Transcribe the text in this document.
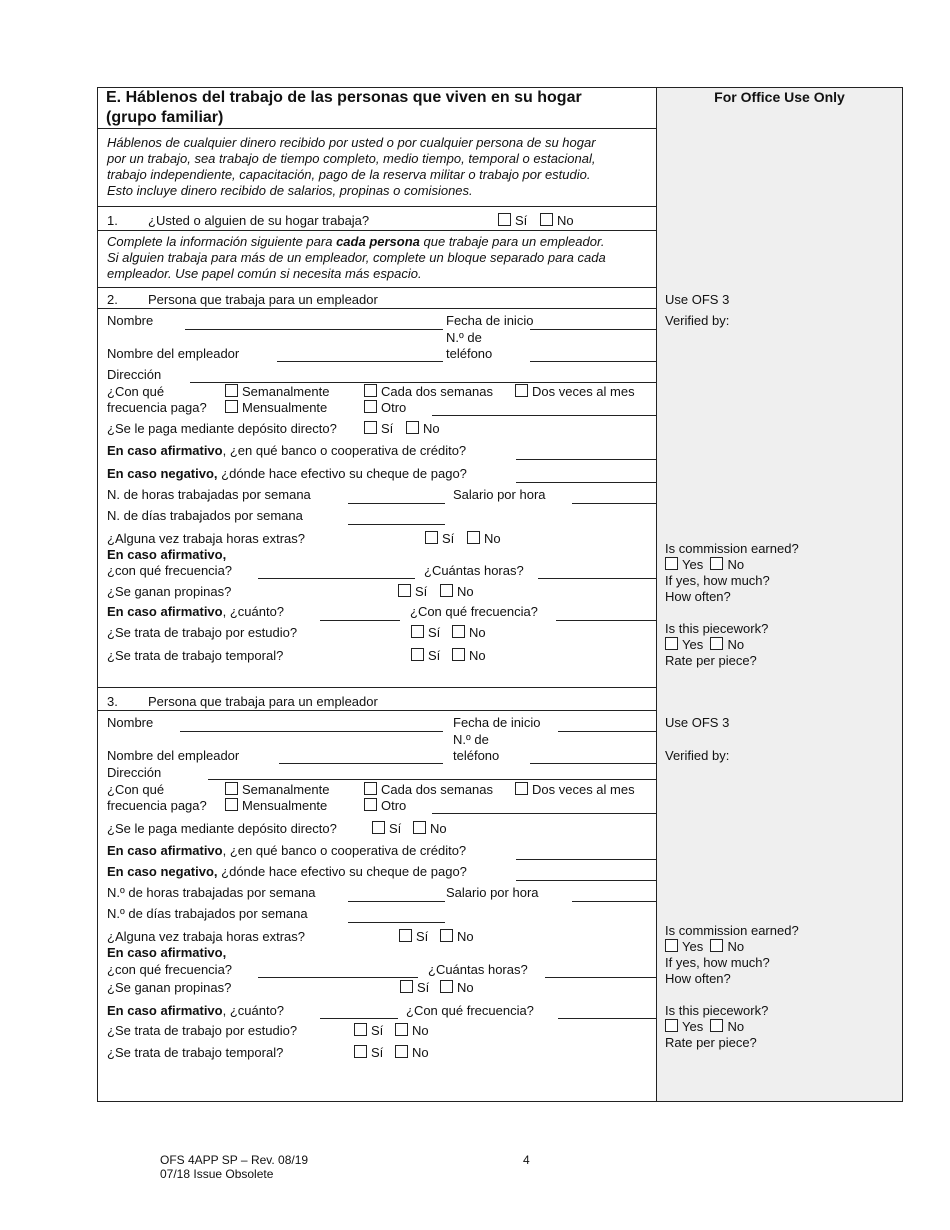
E. Háblenos del trabajo de las personas que viven en su hogar
(grupo familiar)
For Office Use Only
Háblenos de cualquier dinero recibido por usted o por cualquier persona de su hogar
por un trabajo, sea trabajo de tiempo completo, medio tiempo, temporal o estacional,
trabajo independiente, capacitación, pago de la reserva militar o trabajo por estudio.
Esto incluye dinero recibido de salarios, propinas o comisiones.
1. ¿Usted o alguien de su hogar trabaja?	Sí	No
Complete la información siguiente para cada persona que trabaje para un empleador.
Si alguien trabaja para más de un empleador, complete un bloque separado para cada
empleador. Use papel común si necesita más espacio.
2. Persona que trabaja para un empleador
Nombre	Fecha de inicio
N.º de
Nombre del empleador	teléfono
Dirección
¿Con qué	Semanalmente	Cada dos semanas	Dos veces al mes
frecuencia paga?	Mensualmente	Otro
¿Se le paga mediante depósito directo?	Sí	No
En caso afirmativo, ¿en qué banco o cooperativa de crédito?
En caso negativo, ¿dónde hace efectivo su cheque de pago?
N. de horas trabajadas por semana	Salario por hora
N. de días trabajados por semana
¿Alguna vez trabaja horas extras?	Sí	No
En caso afirmativo,
¿con qué frecuencia?	¿Cuántas horas?
¿Se ganan propinas?	Sí	No
En caso afirmativo, ¿cuánto?	¿Con qué frecuencia?
¿Se trata de trabajo por estudio?	Sí	No
¿Se trata de trabajo temporal?	Sí	No
Use OFS 3
Verified by:
Is commission earned?
Yes No
If yes, how much?
How often?
Is this piecework?
Yes No
Rate per piece?
3. Persona que trabaja para un empleador
Nombre	Fecha de inicio
N.º de
Nombre del empleador	teléfono
Dirección
¿Con qué	Semanalmente	Cada dos semanas	Dos veces al mes
frecuencia paga?	Mensualmente	Otro
¿Se le paga mediante depósito directo?	Sí	No
En caso afirmativo, ¿en qué banco o cooperativa de crédito?
En caso negativo, ¿dónde hace efectivo su cheque de pago?
N.º de horas trabajadas por semana	Salario por hora
N.º de días trabajados por semana
¿Alguna vez trabaja horas extras?	Sí	No
En caso afirmativo,
¿con qué frecuencia?	¿Cuántas horas?
¿Se ganan propinas?	Sí	No
En caso afirmativo, ¿cuánto?	¿Con qué frecuencia?
¿Se trata de trabajo por estudio?	Sí	No
¿Se trata de trabajo temporal?	Sí	No
Use OFS 3
Verified by:
Is commission earned?
Yes No
If yes, how much?
How often?
Is this piecework?
Yes No
Rate per piece?
OFS 4APP SP – Rev. 08/19
07/18 Issue Obsolete
4
